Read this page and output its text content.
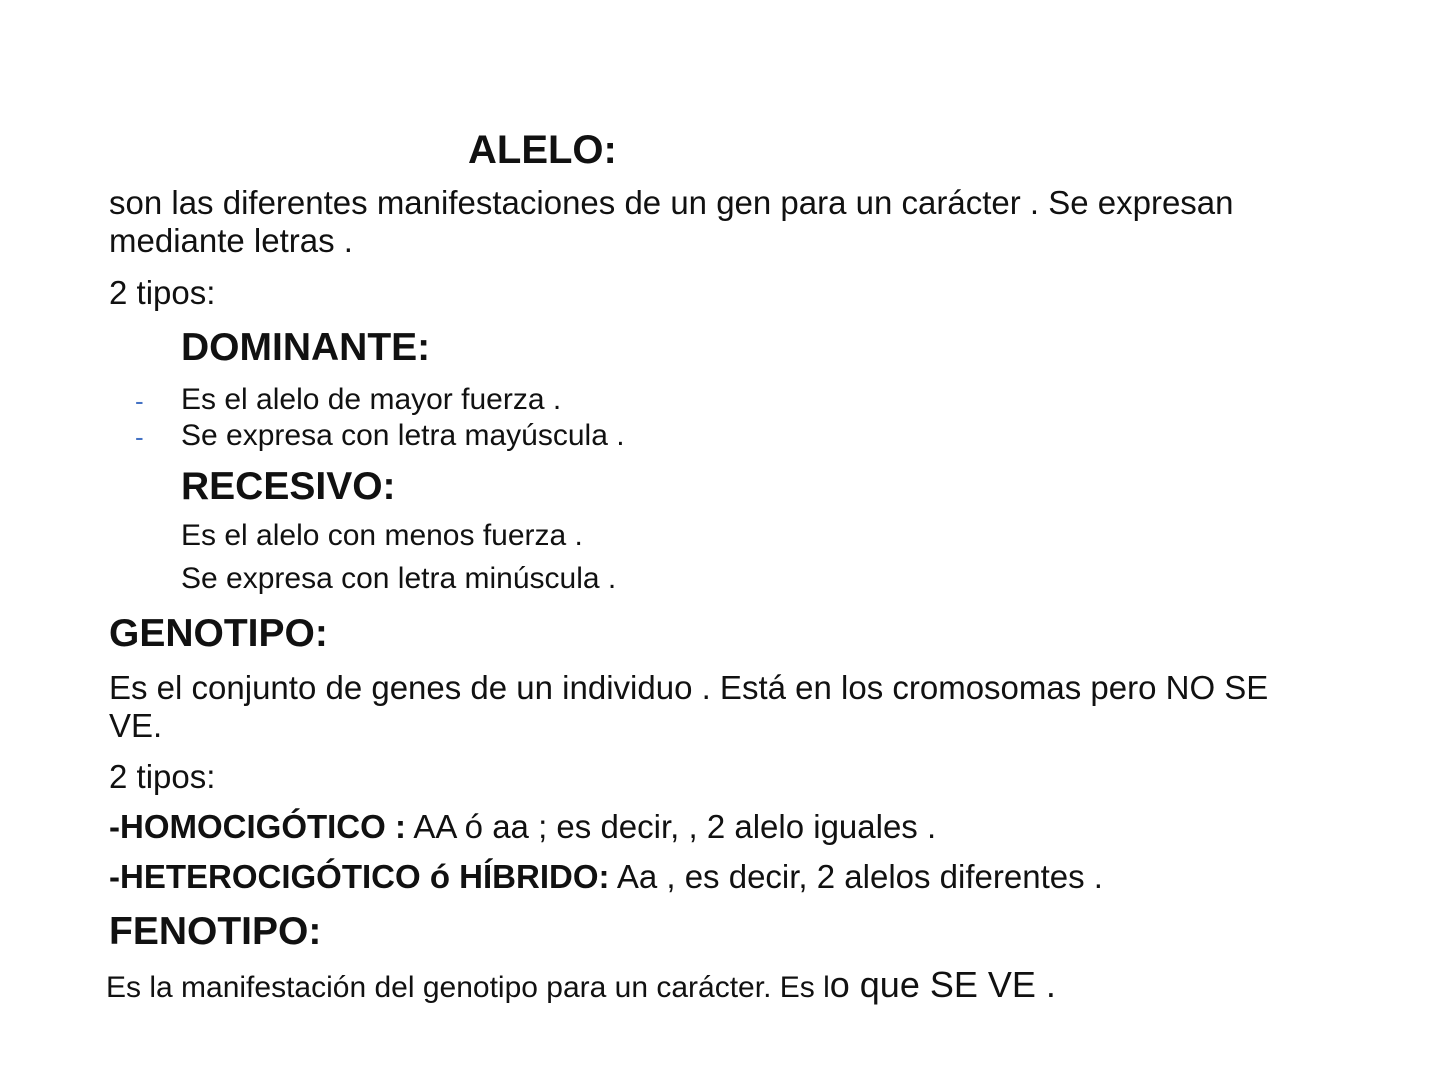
ALELO:
son las diferentes manifestaciones de un gen para un carácter . Se expresan
mediante letras .
2 tipos:
DOMINANTE:
- Es el alelo de mayor fuerza .
- Se expresa con letra mayúscula .
RECESIVO:
Es el alelo con menos fuerza .
Se expresa con letra minúscula .
GENOTIPO:
Es el conjunto de genes de un individuo . Está en los cromosomas pero NO SE
VE.
2 tipos:
-HOMOCIGÓTICO : AA ó aa ; es decir, , 2 alelo iguales .
-HETEROCIGÓTICO ó HÍBRIDO: Aa , es decir, 2 alelos diferentes .
FENOTIPO:
Es la manifestación del genotipo para un carácter. Es lo que SE VE .
